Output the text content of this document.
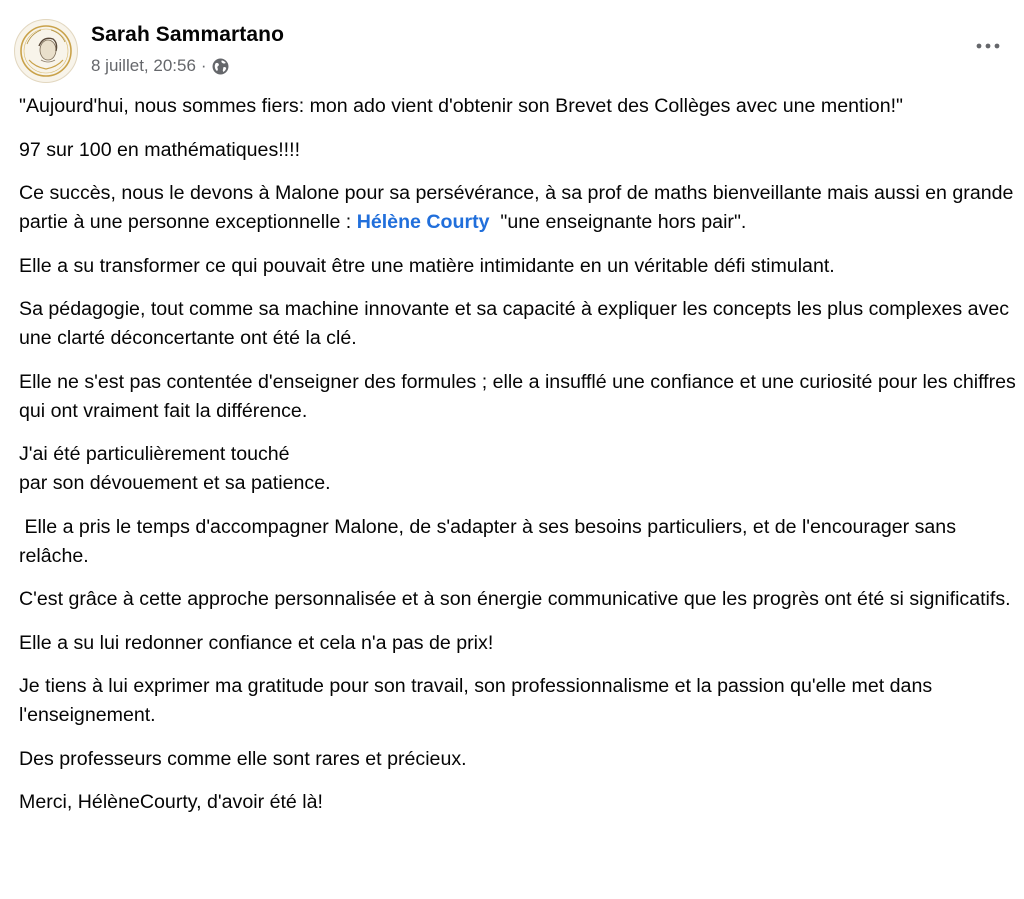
Sarah Sammartano
8 juillet, 20:56 ·

"Aujourd'hui, nous sommes fiers: mon ado vient d'obtenir son Brevet des Collèges avec une mention!"

97 sur 100 en mathématiques!!!!

Ce succès, nous le devons à Malone pour sa persévérance, à sa prof de maths bienveillante mais aussi en grande partie à une personne exceptionnelle : Hélène Courty  "une enseignante hors pair".

Elle a su transformer ce qui pouvait être une matière intimidante en un véritable défi stimulant.

Sa pédagogie, tout comme sa machine innovante et sa capacité à expliquer les concepts les plus complexes avec une clarté déconcertante ont été la clé.

Elle ne s'est pas contentée d'enseigner des formules ; elle a insufflé une confiance et une curiosité pour les chiffres qui ont vraiment fait la différence.

J'ai été particulièrement touché
par son dévouement et sa patience.

Elle a pris le temps d'accompagner Malone, de s'adapter à ses besoins particuliers, et de l'encourager sans relâche.

C'est grâce à cette approche personnalisée et à son énergie communicative que les progrès ont été si significatifs.

Elle a su lui redonner confiance et cela n'a pas de prix!

Je tiens à lui exprimer ma gratitude pour son travail, son professionnalisme et la passion qu'elle met dans l'enseignement.

Des professeurs comme elle sont rares et précieux.

Merci, HélèneCourty, d'avoir été là!
